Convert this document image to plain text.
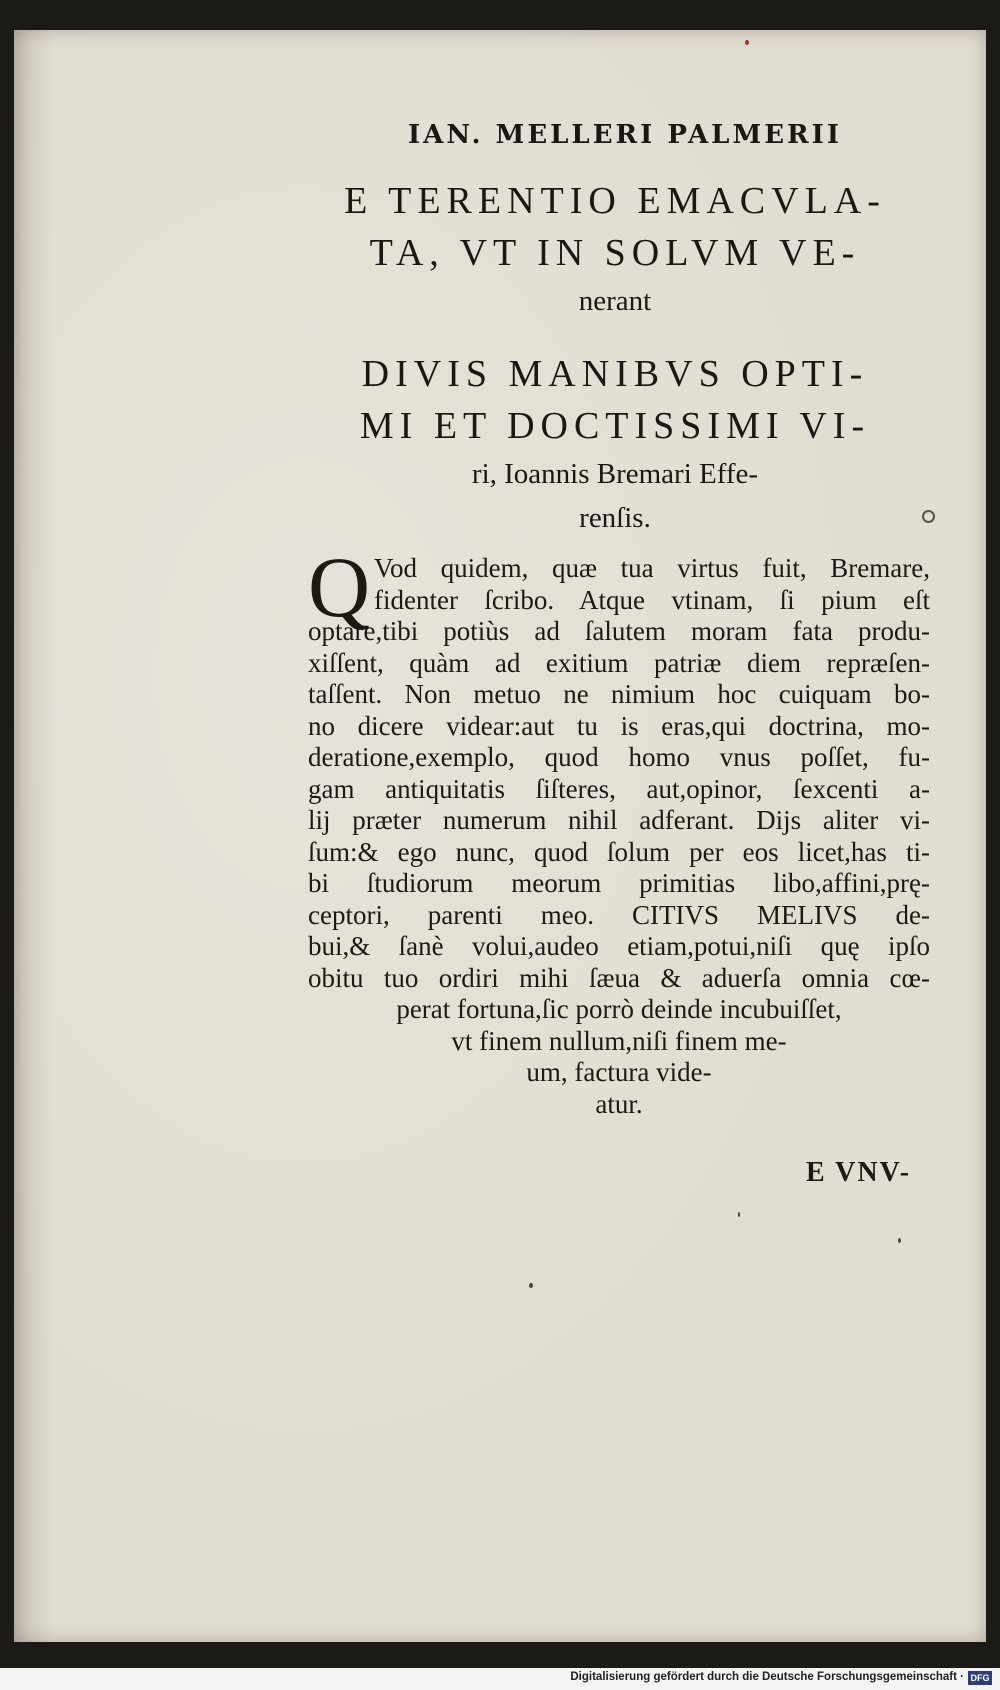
IAN. MELLERI PALMERII
E TERENTIO EMACVLA-
TA, VT IN SOLVM VE-
nerant
DIVIS MANIBVS OPTI-
MI ET DOCTISSIMI VI-
ri, Ioannis Bremari Effe-
renſis.
Q Vod quidem, quæ tua virtus fuit, Bremare,
fidenter ſcribo. Atque vtinam, ſi pium eſt
optare,tibi potiùs ad ſalutem moram fata produ-
xiſſent, quàm ad exitium patriæ diem repræſen-
taſſent. Non metuo ne nimium hoc cuiquam bo-
no dicere videar:aut tu is eras,qui doctrina, mo-
deratione,exemplo, quod homo vnus poſſet, fu-
gam antiquitatis ſiſteres, aut,opinor, ſexcenti a-
lij præter numerum nihil adferant. Dijs aliter vi-
ſum:& ego nunc, quod ſolum per eos licet,has ti-
bi ſtudiorum meorum primitias libo,affini,prę-
ceptori, parenti meo. CITIVS MELIVS de-
bui,& ſanè volui,audeo etiam,potui,niſi quę ipſo
obitu tuo ordiri mihi ſæua & aduerſa omnia cœ-
perat fortuna,ſic porrò deinde incubuiſſet,
vt finem nullum,niſi finem me-
um, factura vide-
atur.
E VNV-
Digitalisierung gefördert durch die Deutsche Forschungsgemeinschaft · DFG
